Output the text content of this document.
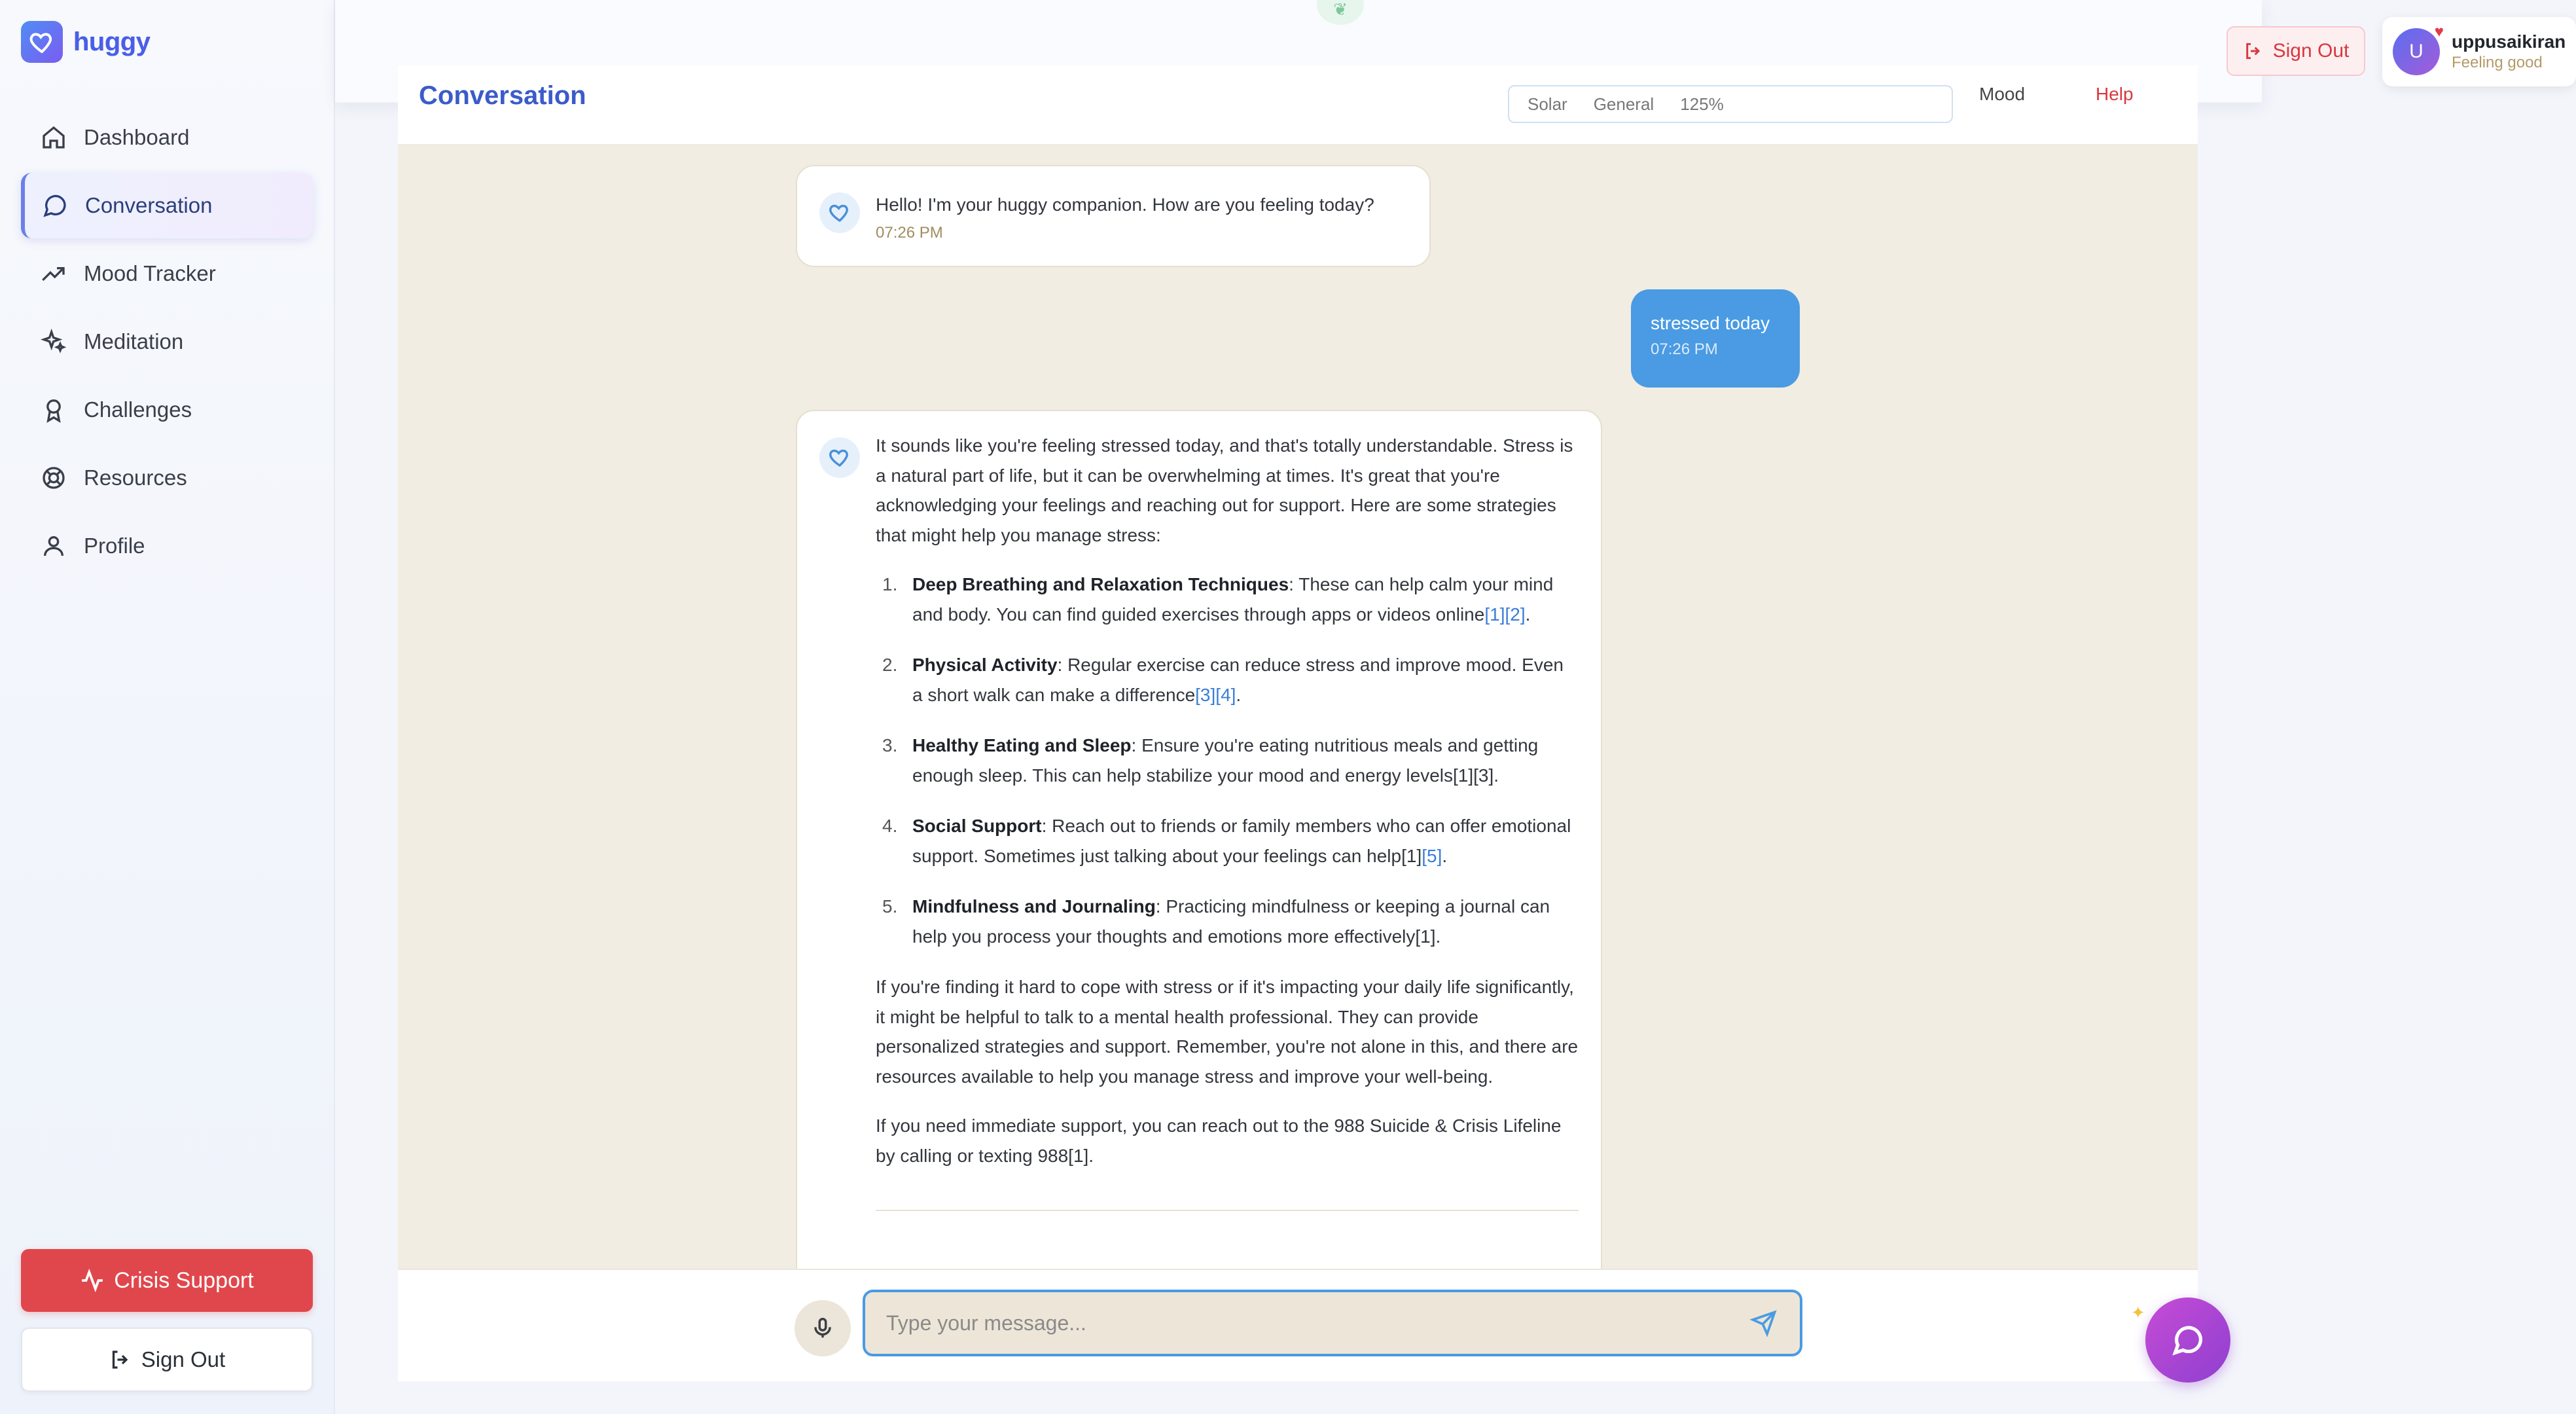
huggy
Dashboard
Conversation
Mood Tracker
Meditation
Challenges
Resources
Profile
Crisis Support
Sign Out
❦
Sign Out	U
♥ uppusaikiran
Feeling good
Conversation	Solar General 125%	Mood	Help
Hello! I'm your huggy companion. How are you feeling today?
07:26 PM
stressed today
07:26 PM

It sounds like you're feeling stressed today, and that's totally understandable. Stress is a natural part of life, but it can be overwhelming at times. It's great that you're acknowledging your feelings and reaching out for support. Here are some strategies that might help you manage stress:

1. Deep Breathing and Relaxation Techniques: These can help calm your mind and body. You can find guided exercises through apps or videos online[1][2].
2. Physical Activity: Regular exercise can reduce stress and improve mood. Even a short walk can make a difference[3][4].
3. Healthy Eating and Sleep: Ensure you're eating nutritious meals and getting enough sleep. This can help stabilize your mood and energy levels[1][3].
4. Social Support: Reach out to friends or family members who can offer emotional support. Sometimes just talking about your feelings can help[1][5].
5. Mindfulness and Journaling: Practicing mindfulness or keeping a journal can help you process your thoughts and emotions more effectively[1].

If you're finding it hard to cope with stress or if it's impacting your daily life significantly, it might be helpful to talk to a mental health professional. They can provide personalized strategies and support. Remember, you're not alone in this, and there are resources available to help you manage stress and improve your well-being.

If you need immediate support, you can reach out to the 988 Suicide & Crisis Lifeline by calling or texting 988[1].

Type your message...
✦
